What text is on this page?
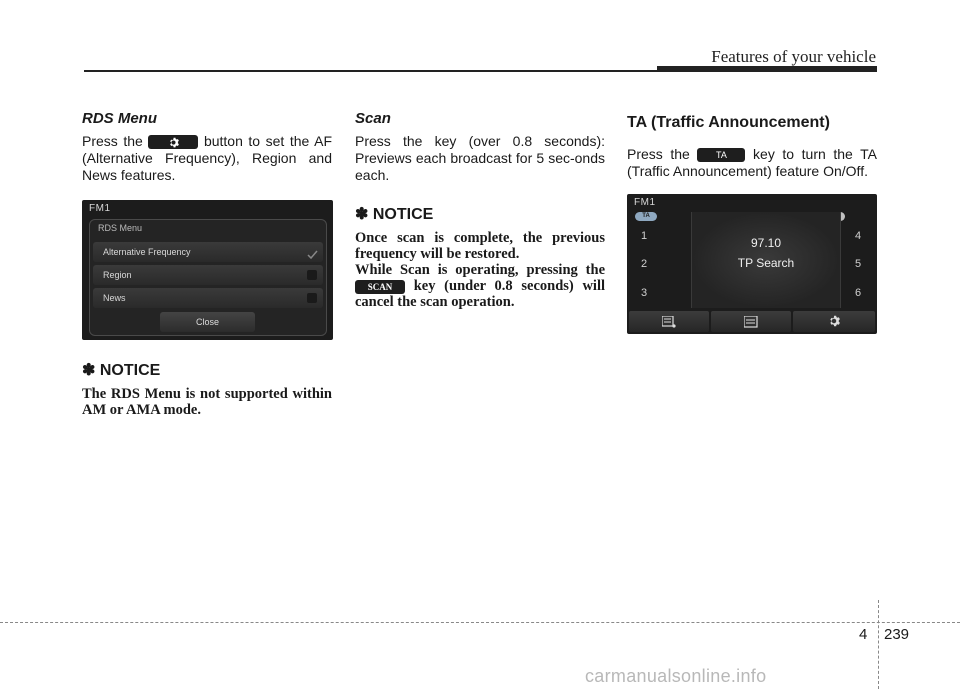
Features of your vehicle
RDS Menu

Press the	button to set the AF (Alternative Frequency), Region and News features.

FM1
RDS Menu
Alternative Frequency
Region
News
Close
✽ NOTICE

The RDS Menu is not supported within AM or AMA mode.

Scan

Press the key (over 0.8 seconds): Previews each broadcast for 5 sec-onds each.

✽ NOTICE

Once scan is complete, the previous frequency will be restored.

While Scan is operating, pressing the SCAN key (under 0.8 seconds) will cancel the scan operation.

TA (Traffic Announcement)

Press the	TA key to turn the TA (Traffic Announcement) feature On/Off.

FM1
TA
1
2
3
4
5
6
97.10
TP Search
4 239
carmanualsonline.info
